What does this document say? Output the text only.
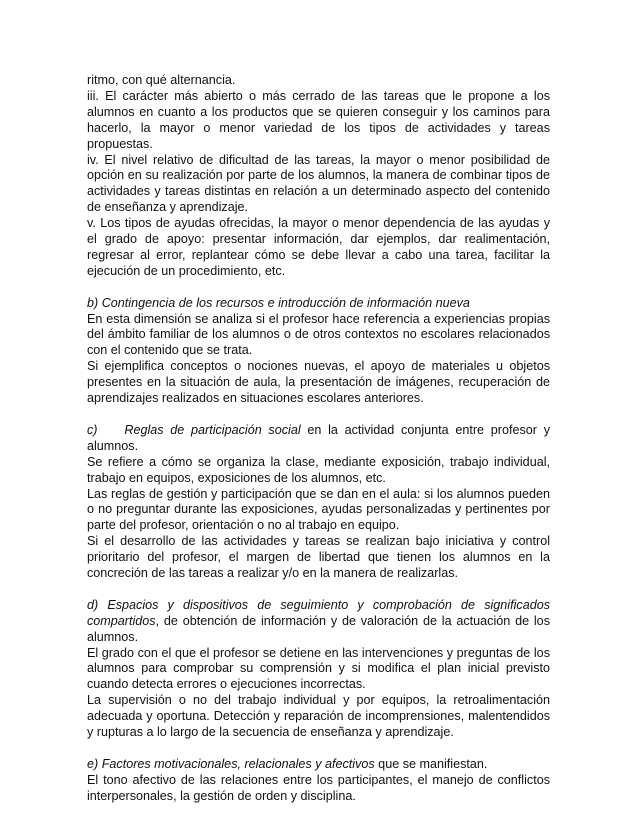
ritmo, con qué alternancia.

iii. El carácter más abierto o más cerrado de las tareas que le propone a los alumnos en cuanto a los productos que se quieren conseguir y los caminos para hacerlo, la mayor o menor variedad de los tipos de actividades y tareas propuestas.

iv. El nivel relativo de dificultad de las tareas, la mayor o menor posibilidad de opción en su realización por parte de los alumnos, la manera de combinar tipos de actividades y tareas distintas en relación a un determinado aspecto del contenido de enseñanza y aprendizaje.

v. Los tipos de ayudas ofrecidas, la mayor o menor dependencia de las ayudas y el grado de apoyo: presentar información, dar ejemplos, dar realimentación, regresar al error, replantear cómo se debe llevar a cabo una tarea, facilitar la ejecución de un procedimiento, etc.

b) Contingencia de los recursos e introducción de información nueva

En esta dimensión se analiza si el profesor hace referencia a experiencias propias del ámbito familiar de los alumnos o de otros contextos no escolares relacionados con el contenido que se trata.

Si ejemplifica conceptos o nociones nuevas, el apoyo de materiales u objetos presentes en la situación de aula, la presentación de imágenes, recuperación de aprendizajes realizados en situaciones escolares anteriores.

c)    Reglas de participación social en la actividad conjunta entre profesor y alumnos.

Se refiere a cómo se organiza la clase, mediante exposición, trabajo individual, trabajo en equipos, exposiciones de los alumnos, etc.

Las reglas de gestión y participación que se dan en el aula: si los alumnos pueden o no preguntar durante las exposiciones, ayudas personalizadas y pertinentes por parte del profesor, orientación o no al trabajo en equipo.

Si el desarrollo de las actividades y tareas se realizan bajo iniciativa y control prioritario del profesor, el margen de libertad que tienen los alumnos en la concreción de las tareas a realizar y/o en la manera de realizarlas.

d) Espacios y dispositivos de seguimiento y comprobación de significados compartidos, de obtención de información y de valoración de la actuación de los alumnos.

El grado con el que el profesor se detiene en las intervenciones y preguntas de los alumnos para comprobar su comprensión y si modifica el plan inicial previsto cuando detecta errores o ejecuciones incorrectas.

La supervisión o no del trabajo individual y por equipos, la retroalimentación adecuada y oportuna. Detección y reparación de incomprensiones, malentendidos y rupturas a lo largo de la secuencia de enseñanza y aprendizaje.

e) Factores motivacionales, relacionales y afectivos que se manifiestan.

El tono afectivo de las relaciones entre los participantes, el manejo de conflictos interpersonales, la gestión de orden y disciplina.
